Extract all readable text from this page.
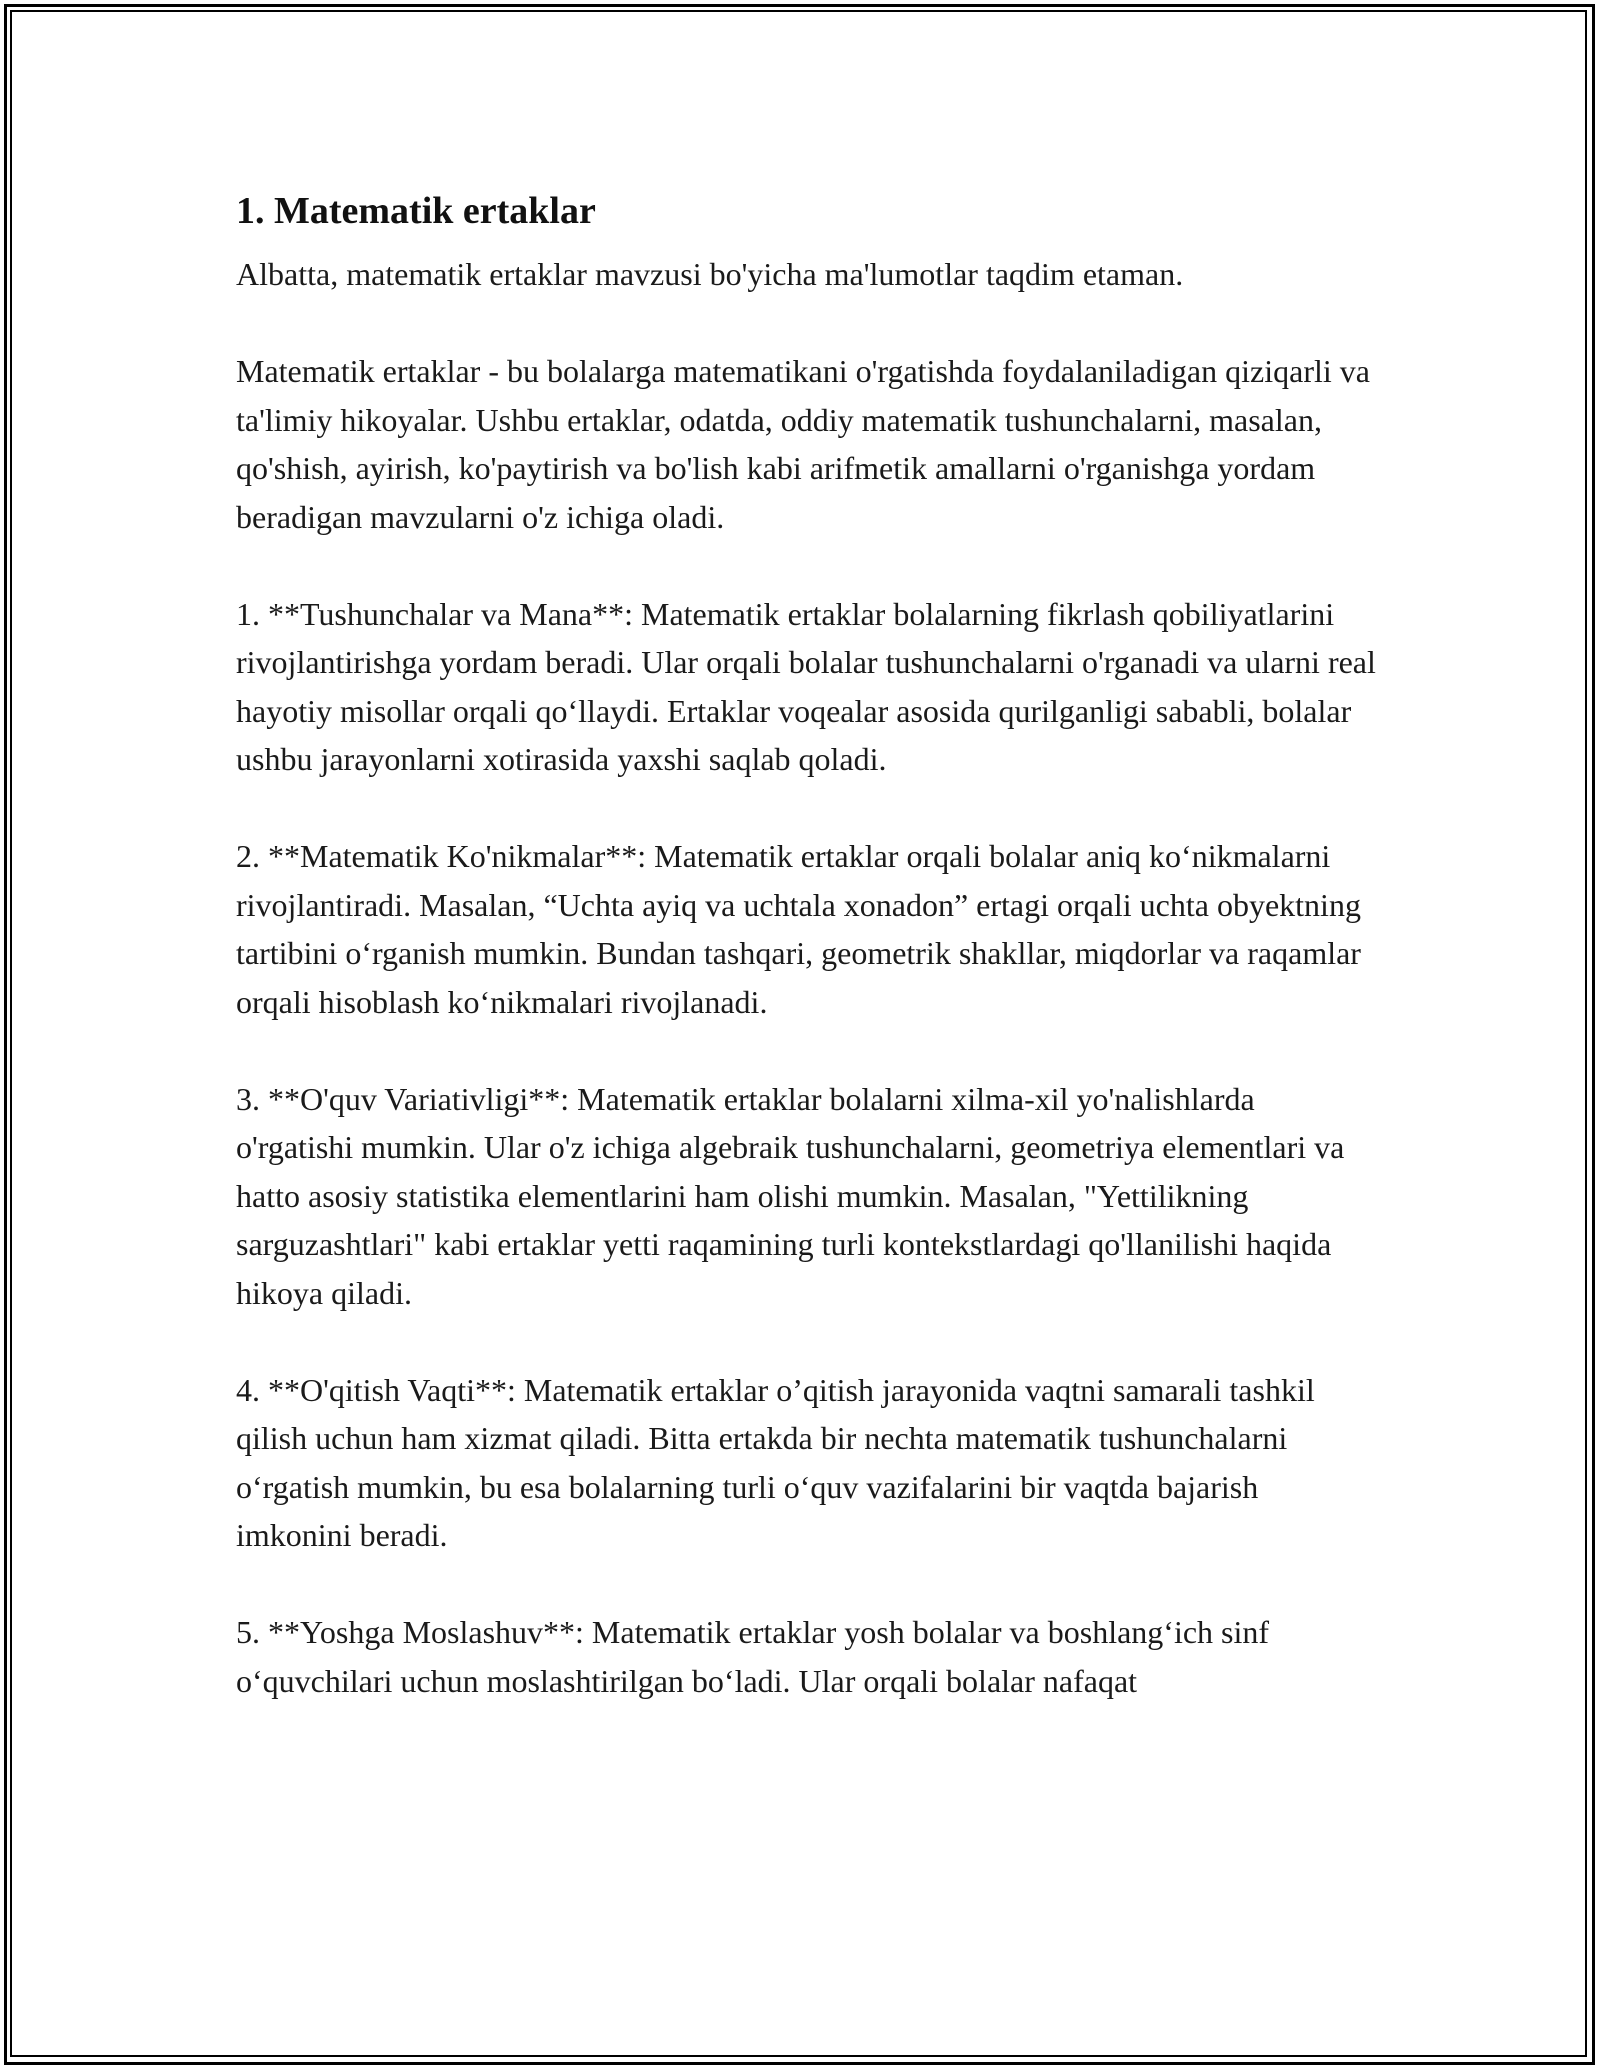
1. Matematik ertaklar

Albatta, matematik ertaklar mavzusi bo'yicha ma'lumotlar taqdim etaman.

Matematik ertaklar - bu bolalarga matematikani o'rgatishda foydalaniladigan qiziqarli va ta'limiy hikoyalar. Ushbu ertaklar, odatda, oddiy matematik tushunchalarni, masalan, qo'shish, ayirish, ko'paytirish va bo'lish kabi arifmetik amallarni o'rganishga yordam beradigan mavzularni o'z ichiga oladi.

1. **Tushunchalar va Mana**: Matematik ertaklar bolalarning fikrlash qobiliyatlarini rivojlantirishga yordam beradi. Ular orqali bolalar tushunchalarni o'rganadi va ularni real hayotiy misollar orqali qo‘llaydi. Ertaklar voqealar asosida qurilganligi sababli, bolalar ushbu jarayonlarni xotirasida yaxshi saqlab qoladi.

2. **Matematik Ko'nikmalar**: Matematik ertaklar orqali bolalar aniq ko‘nikmalarni rivojlantiradi. Masalan, “Uchta ayiq va uchtala xonadon” ertagi orqali uchta obyektning tartibini o‘rganish mumkin. Bundan tashqari, geometrik shakllar, miqdorlar va raqamlar orqali hisoblash ko‘nikmalari rivojlanadi.

3. **O'quv Variativligi**: Matematik ertaklar bolalarni xilma-xil yo'nalishlarda o'rgatishi mumkin. Ular o'z ichiga algebraik tushunchalarni, geometriya elementlari va hatto asosiy statistika elementlarini ham olishi mumkin. Masalan, "Yettilikning sarguzashtlari" kabi ertaklar yetti raqamining turli kontekstlardagi qo'llanilishi haqida hikoya qiladi.

4. **O'qitish Vaqti**: Matematik ertaklar o’qitish jarayonida vaqtni samarali tashkil qilish uchun ham xizmat qiladi. Bitta ertakda bir nechta matematik tushunchalarni o‘rgatish mumkin, bu esa bolalarning turli o‘quv vazifalarini bir vaqtda bajarish imkonini beradi.

5. **Yoshga Moslashuv**: Matematik ertaklar yosh bolalar va boshlang‘ich sinf o‘quvchilari uchun moslashtirilgan bo‘ladi. Ular orqali bolalar nafaqat
